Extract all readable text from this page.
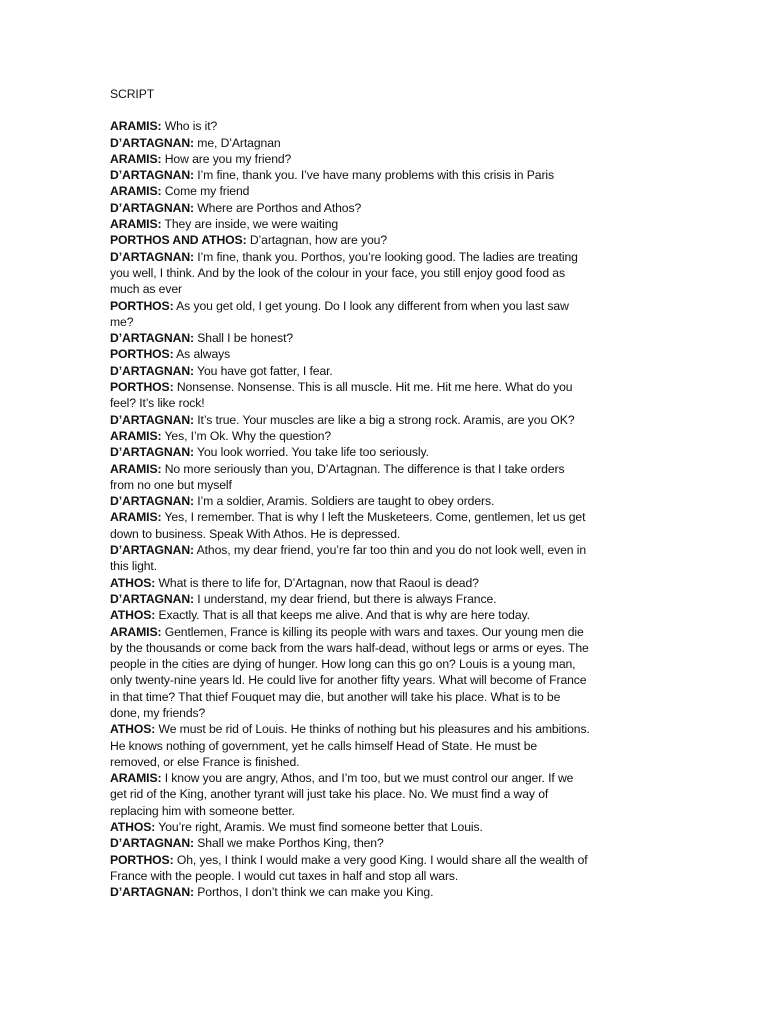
SCRIPT

ARAMIS: Who is it?

D’ARTAGNAN: me, D’Artagnan

ARAMIS: How are you my friend?

D’ARTAGNAN: I’m fine, thank you. I’ve have many problems with this crisis in Paris

ARAMIS: Come my friend

D’ARTAGNAN: Where are Porthos and Athos?

ARAMIS: They are inside, we were waiting

PORTHOS AND ATHOS: D’artagnan, how are you?

D’ARTAGNAN: I’m fine, thank you. Porthos, you’re looking good. The ladies are treating you well, I think. And by the look of the colour in your face, you still enjoy good food as much as ever

PORTHOS: As you get old, I get young. Do I look any different from when you last saw me?

D’ARTAGNAN: Shall I be honest?

PORTHOS: As always

D’ARTAGNAN: You have got fatter, I fear.

PORTHOS: Nonsense. Nonsense. This is all muscle. Hit me. Hit me here. What do you feel? It’s like rock!

D’ARTAGNAN: It’s true. Your muscles are like a big a strong rock. Aramis, are you OK?

ARAMIS: Yes, I’m Ok. Why the question?

D’ARTAGNAN: You look worried. You take life too seriously.

ARAMIS: No more seriously than you, D’Artagnan. The difference is that I take orders from no one but myself

D’ARTAGNAN: I’m a soldier, Aramis. Soldiers are taught to obey orders.

ARAMIS: Yes, I remember. That is why I left the Musketeers. Come, gentlemen, let us get down to business. Speak With Athos. He is depressed.

D’ARTAGNAN: Athos, my dear friend, you’re far too thin and you do not look well, even in this light.

ATHOS: What is there to life for, D’Artagnan, now that Raoul is dead?

D’ARTAGNAN: I understand, my dear friend, but there is always France.

ATHOS: Exactly. That is all that keeps me alive. And that is why are here today.

ARAMIS: Gentlemen, France is killing its people with wars and taxes. Our young men die by the thousands or come back from the wars half-dead, without legs or arms or eyes. The people in the cities are dying of hunger. How long can this go on? Louis is a young man, only twenty-nine years ld. He could live for another fifty years. What will become of France in that time? That thief Fouquet may die, but another will take his place. What is to be done, my friends?

ATHOS: We must be rid of Louis. He thinks of nothing but his pleasures and his ambitions. He knows nothing of government, yet he calls himself Head of State. He must be removed, or else France is finished.

ARAMIS: I know you are angry, Athos, and I’m too, but we must control our anger. If we get rid of the King, another tyrant will just take his place. No. We must find a way of replacing him with someone better.

ATHOS: You’re right, Aramis. We must find someone better that Louis.

D’ARTAGNAN: Shall we make Porthos King, then?

PORTHOS: Oh, yes, I think I would make a very good King. I would share all the wealth of France with the people. I would cut taxes in half and stop all wars.

D’ARTAGNAN: Porthos, I don’t think we can make you King.
